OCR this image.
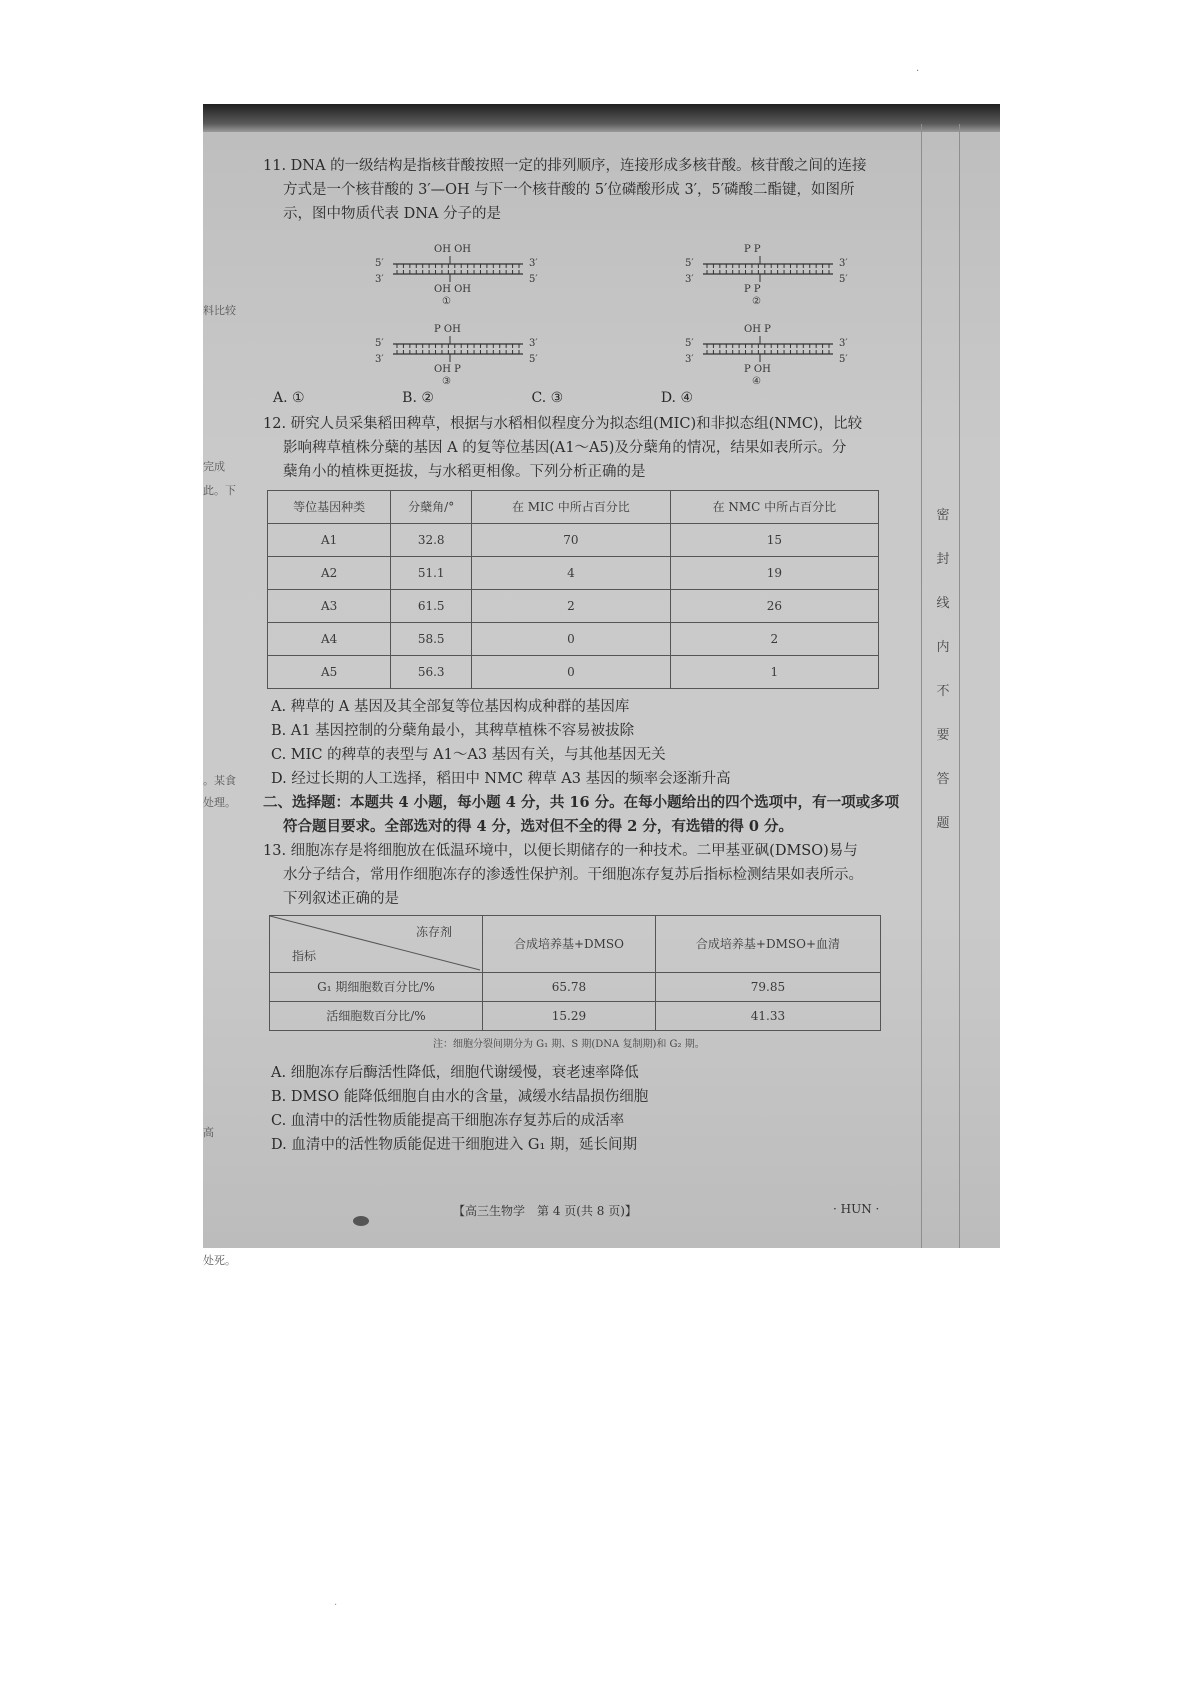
料比较
完成
此。下
。某食
处理。
高
处死。
密
封
线
内
不
要
答
题

11. DNA 的一级结构是指核苷酸按照一定的排列顺序，连接形成多核苷酸。核苷酸之间的连接

方式是一个核苷酸的 3′—OH 与下一个核苷酸的 5′位磷酸形成 3′，5′磷酸二酯键，如图所

示，图中物质代表 DNA 分子的是

5′	3′
3′	5′
OH OH
OH OH
①
5′	3′
3′	5′
P P
P P
②
5′	3′
3′	5′
P OH
OH P
③
5′	3′
3′	5′
OH P
P OH
④
A. ①	B. ②	C. ③	D. ④

12. 研究人员采集稻田稗草，根据与水稻相似程度分为拟态组(MIC)和非拟态组(NMC)，比较

影响稗草植株分蘖的基因 A 的复等位基因(A1～A5)及分蘖角的情况，结果如表所示。分

蘖角小的植株更挺拔，与水稻更相像。下列分析正确的是

等位基因种类	分蘖角/°	在 MIC 中所占百分比	在 NMC 中所占百分比
A1	32.8	70	15
A2	51.1	4	19
A3	61.5	2	26
A4	58.5	0	2
A5	56.3	0	1

A. 稗草的 A 基因及其全部复等位基因构成种群的基因库

B. A1 基因控制的分蘖角最小，其稗草植株不容易被拔除

C. MIC 的稗草的表型与 A1～A3 基因有关，与其他基因无关

D. 经过长期的人工选择，稻田中 NMC 稗草 A3 基因的频率会逐渐升高

二、选择题：本题共 4 小题，每小题 4 分，共 16 分。在每小题给出的四个选项中，有一项或多项

符合题目要求。全部选对的得 4 分，选对但不全的得 2 分，有选错的得 0 分。

13. 细胞冻存是将细胞放在低温环境中，以便长期储存的一种技术。二甲基亚砜(DMSO)易与

水分子结合，常用作细胞冻存的渗透性保护剂。干细胞冻存复苏后指标检测结果如表所示。

下列叙述正确的是

冻存剂
指标	合成培养基+DMSO	合成培养基+DMSO+血清
G₁ 期细胞数百分比/%	65.78	79.85
活细胞数百分比/%	15.29	41.33
注：细胞分裂间期分为 G₁ 期、S 期(DNA 复制期)和 G₂ 期。

A. 细胞冻存后酶活性降低，细胞代谢缓慢，衰老速率降低

B. DMSO 能降低细胞自由水的含量，减缓水结晶损伤细胞

C. 血清中的活性物质能提高干细胞冻存复苏后的成活率

D. 血清中的活性物质能促进干细胞进入 G₁ 期，延长间期

【高三生物学　第 4 页(共 8 页)】	· HUN ·
·
·
